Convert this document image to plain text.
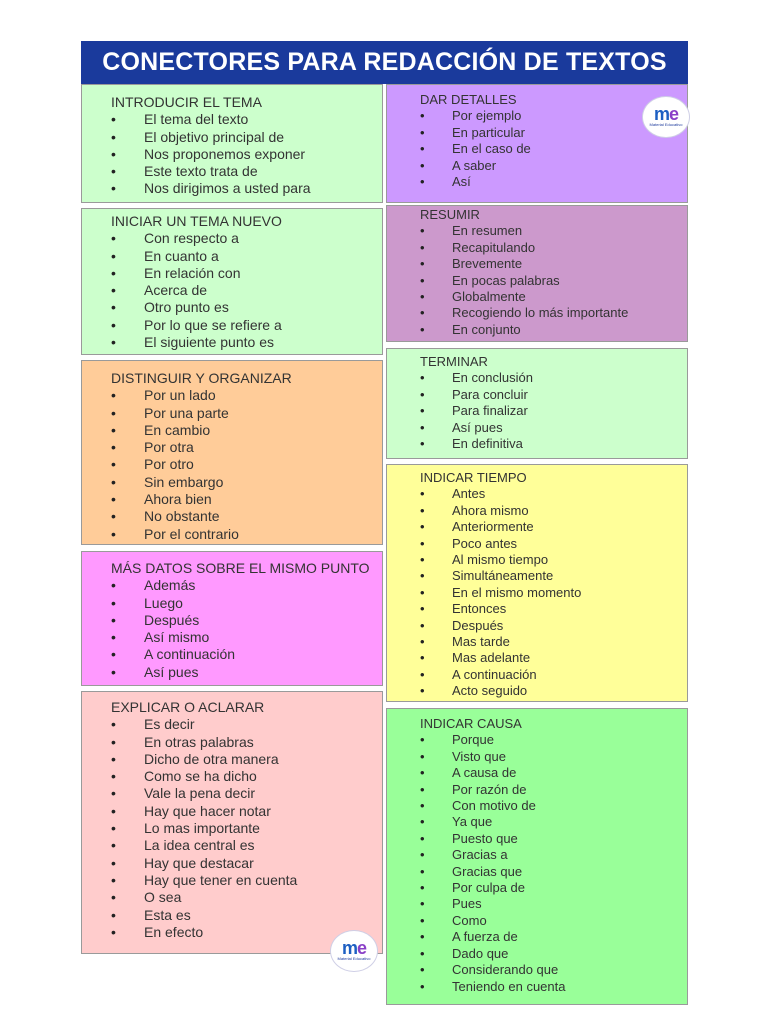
CONECTORES PARA REDACCIÓN DE TEXTOS
INTRODUCIR EL TEMA
• El tema del texto
• El objetivo principal de
• Nos proponemos exponer
• Este texto trata de
• Nos dirigimos a usted para
INICIAR UN TEMA NUEVO
• Con respecto a
• En cuanto a
• En relación con
• Acerca de
• Otro punto es
• Por lo que se refiere a
• El siguiente punto es
DISTINGUIR Y ORGANIZAR
• Por un lado
• Por una parte
• En cambio
• Por otra
• Por otro
• Sin embargo
• Ahora bien
• No obstante
• Por el contrario
MÁS DATOS SOBRE EL MISMO PUNTO
• Además
• Luego
• Después
• Así mismo
• A continuación
• Así pues
EXPLICAR O ACLARAR
• Es decir
• En otras palabras
• Dicho de otra manera
• Como se ha dicho
• Vale la pena decir
• Hay que hacer notar
• Lo mas importante
• La idea central es
• Hay que destacar
• Hay que tener en cuenta
• O sea
• Esta es
• En efecto
DAR DETALLES
• Por ejemplo
• En particular
• En el caso de
• A saber
• Así
RESUMIR
• En resumen
• Recapitulando
• Brevemente
• En pocas palabras
• Globalmente
• Recogiendo lo más importante
• En conjunto
TERMINAR
• En conclusión
• Para concluir
• Para finalizar
• Así pues
• En definitiva
INDICAR TIEMPO
• Antes
• Ahora mismo
• Anteriormente
• Poco antes
• Al mismo tiempo
• Simultáneamente
• En el mismo momento
• Entonces
• Después
• Mas tarde
• Mas adelante
• A continuación
• Acto seguido
INDICAR CAUSA
• Porque
• Visto que
• A causa de
• Por razón de
• Con motivo de
• Ya que
• Puesto que
• Gracias a
• Gracias que
• Por culpa de
• Pues
• Como
• A fuerza de
• Dado que
• Considerando que
• Teniendo en cuenta
me
Material Educativo
me
Material Educativo
